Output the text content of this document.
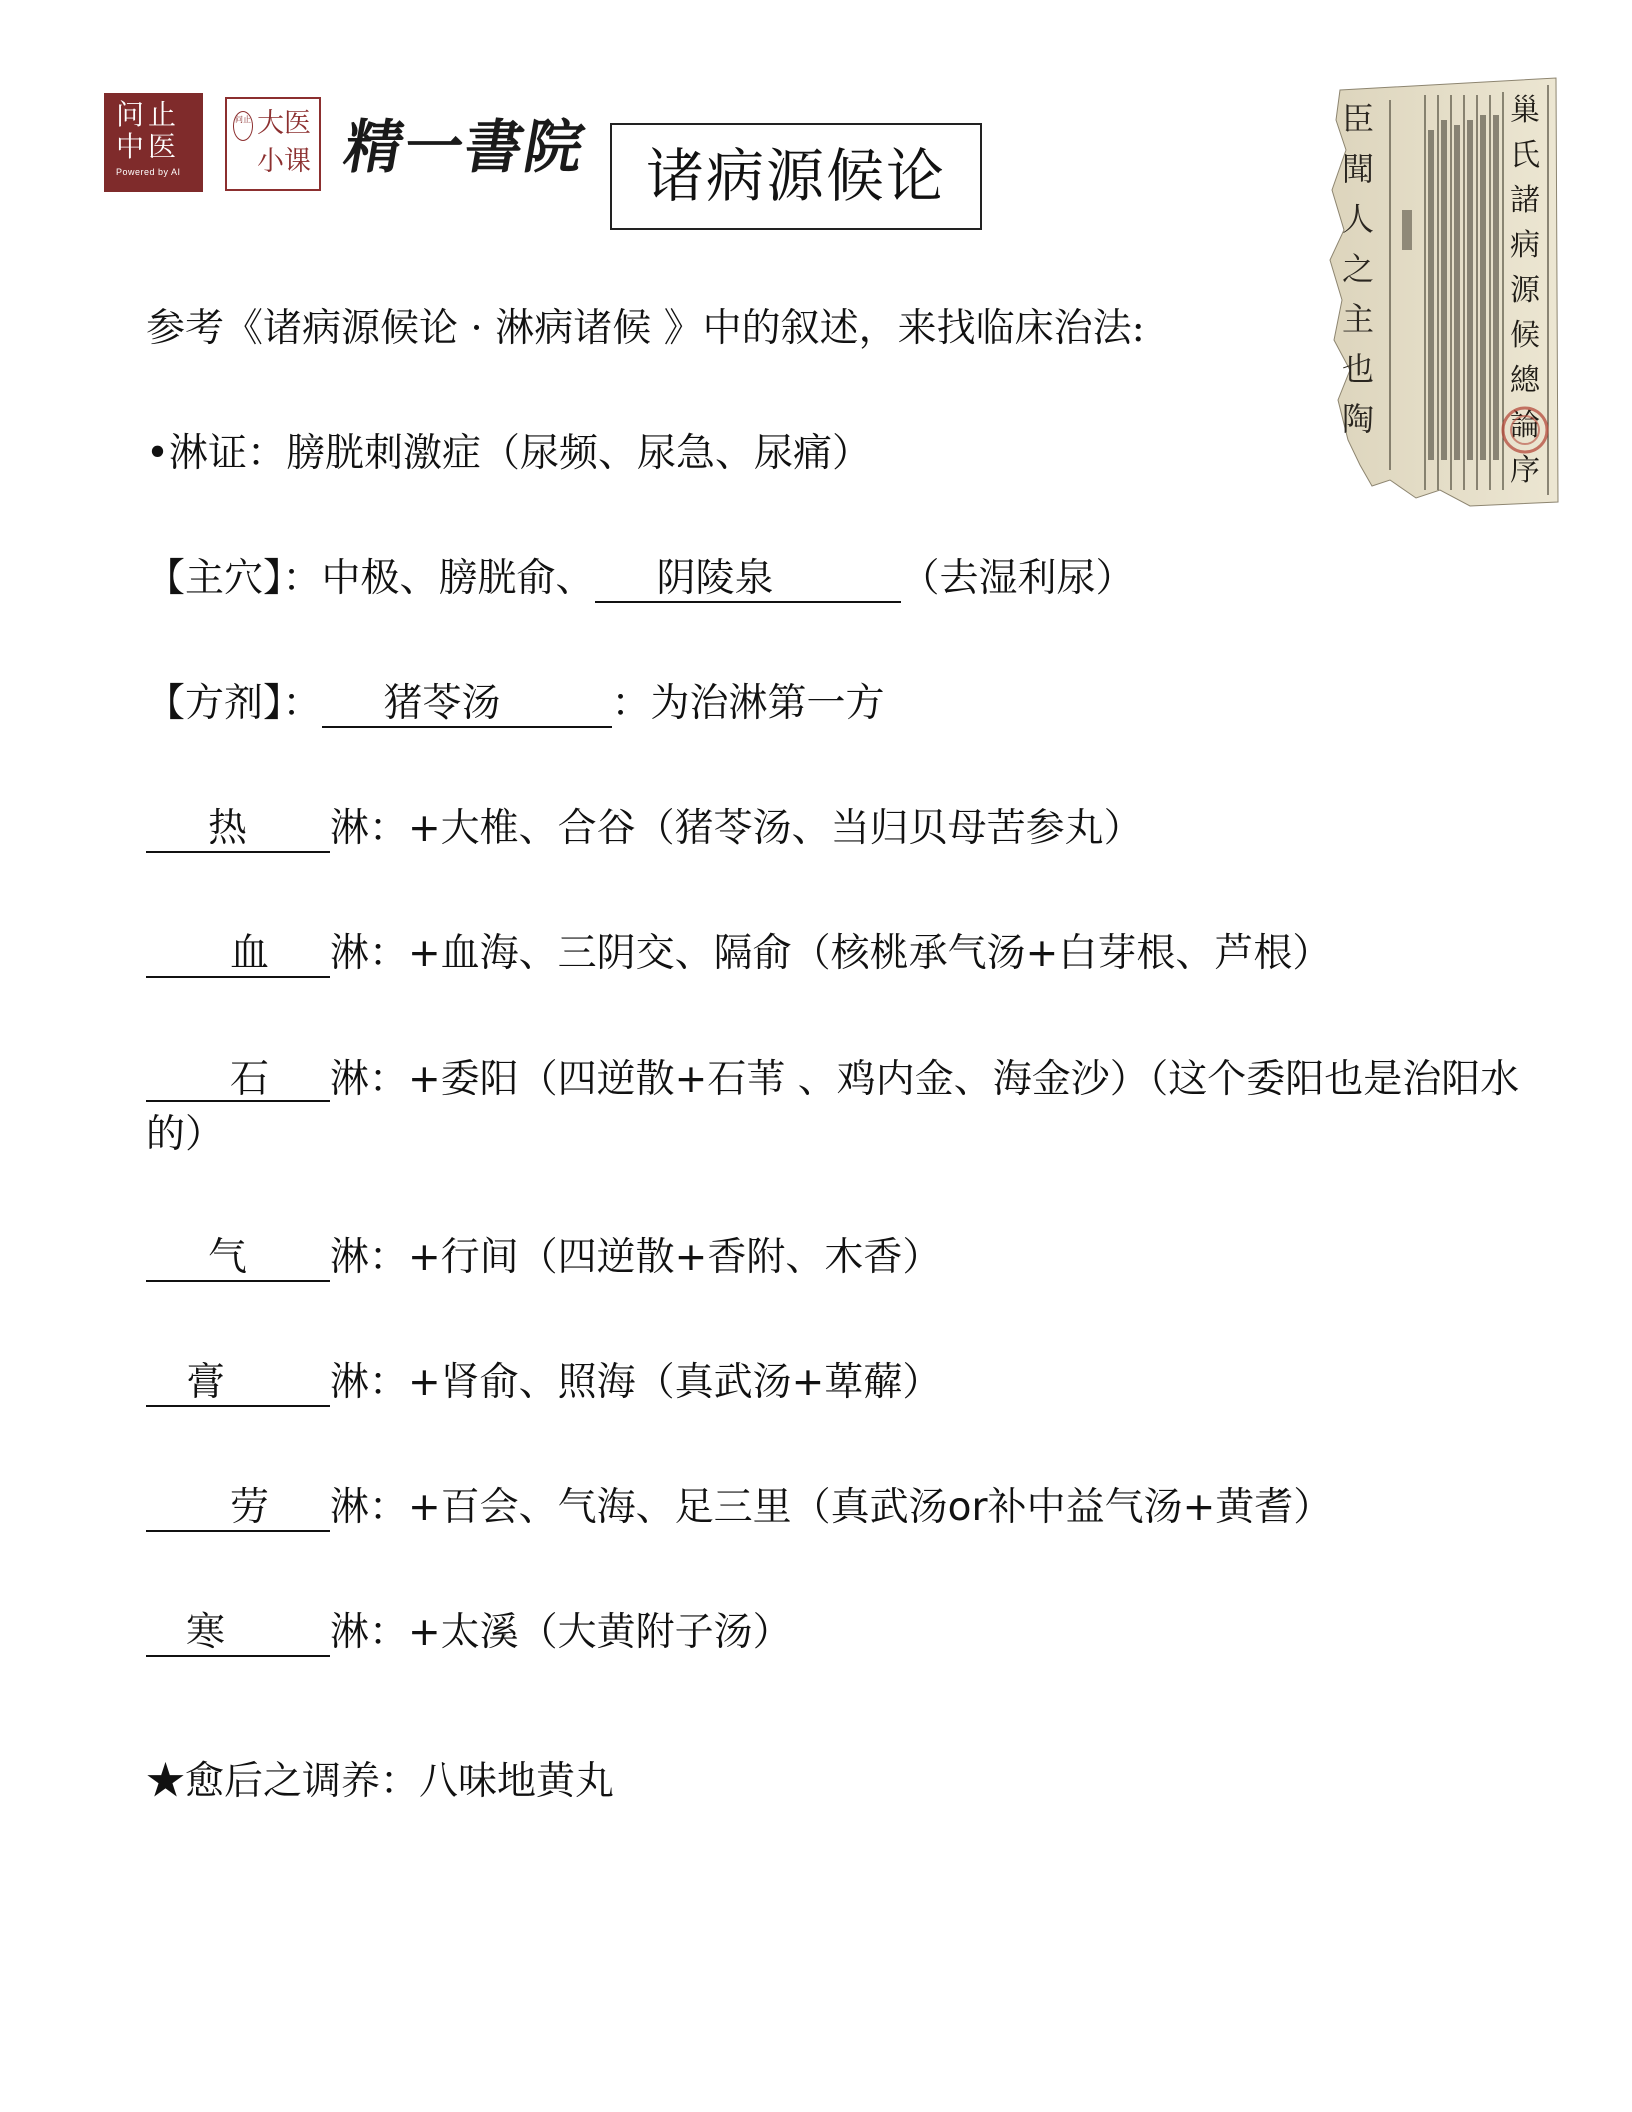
问止
中医
Powered by AI
问止 大医
小课 精一書院 诸病源候论
臣
聞
人
之
主
也
陶
巢
氏
諸
病
源
候
總
論
序
参考《诸病源候论 · 淋病诸候 》中的叙述，来找临床治法:
•淋证：膀胱刺激症（尿频、尿急、尿痛）
【主穴】：中极、膀胱俞、 阴陵泉	（去湿利尿）
【方剂】： 猪苓汤	：为治淋第一方
热 淋：+大椎、合谷（猪苓汤、当归贝母苦参丸）
血 淋：+血海、三阴交、隔俞（核桃承气汤+白芽根、芦根）
石 淋：+委阳（四逆散+石苇 、鸡内金、海金沙）（这个委阳也是治阳水的）
气 淋：+行间（四逆散+香附、木香）
膏	淋：+肾俞、照海（真武汤+萆薢）
劳 淋：+百会、气海、足三里（真武汤or补中益气汤+黄耆）
寒	淋：+太溪（大黄附子汤）
★愈后之调养：八味地黄丸
